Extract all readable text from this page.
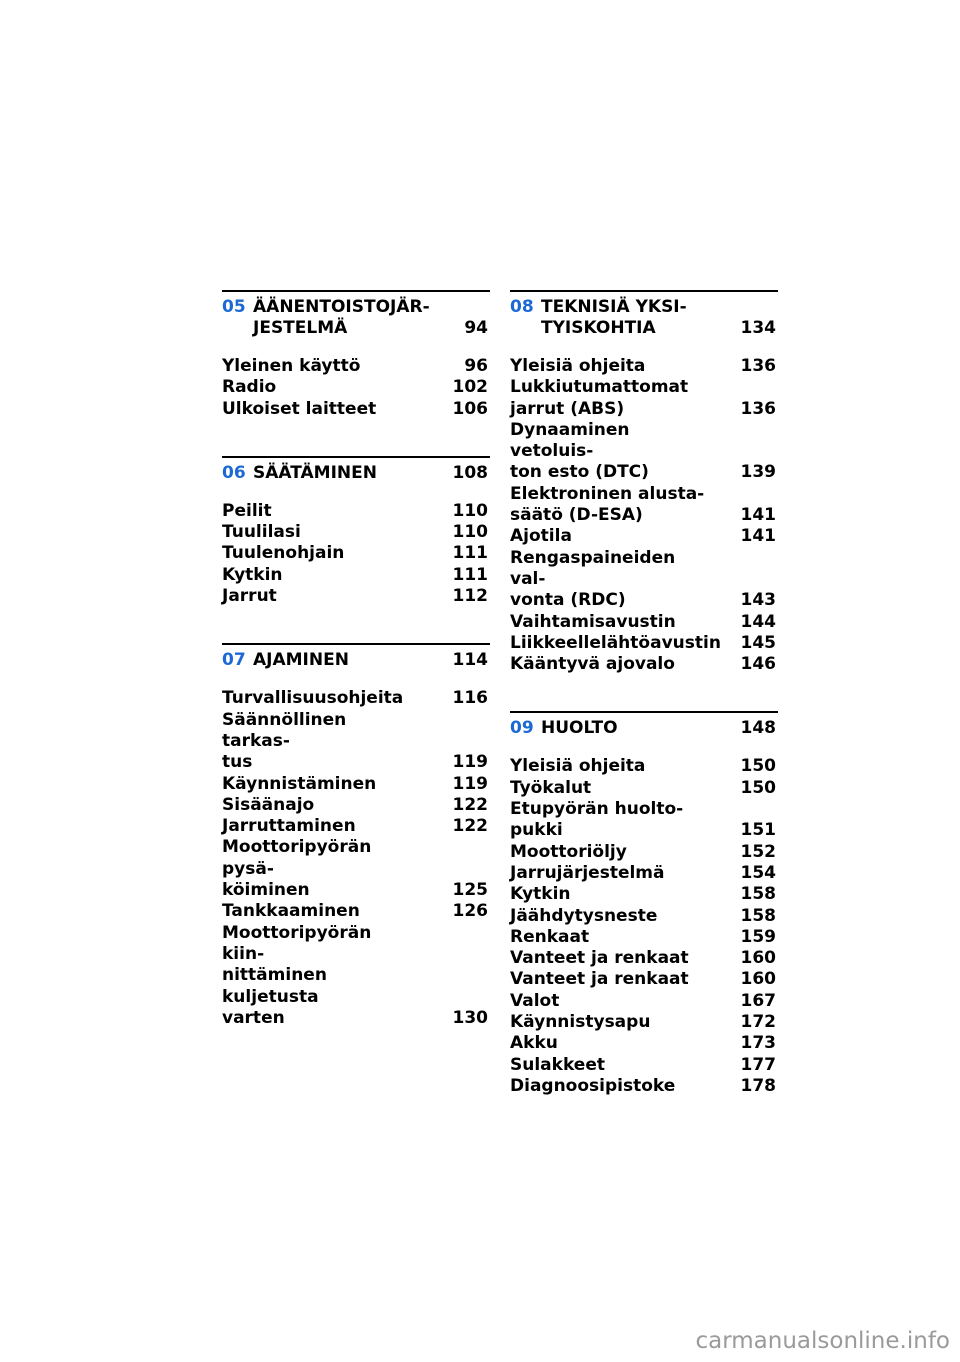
05 ÄÄNENTOISTOJÄR-
JESTELMÄ	94
Yleinen käyttö	96
Radio	102
Ulkoiset laitteet	106
06 SÄÄTÄMINEN	108
Peilit	110
Tuulilasi	110
Tuulenohjain	111
Kytkin	111
Jarrut	112
07 AJAMINEN	114
Turvallisuusohjeita	116
Säännöllinen tarkas-
tus	119
Käynnistäminen	119
Sisäänajo	122
Jarruttaminen	122
Moottoripyörän pysä-
köiminen	125
Tankkaaminen	126
Moottoripyörän kiin-
nittäminen kuljetusta
varten	130
08 TEKNISIÄ YKSI-
TYISKOHTIA	134
Yleisiä ohjeita	136
Lukkiutumattomat
jarrut (ABS)	136
Dynaaminen vetoluis-
ton esto (DTC)	139
Elektroninen alusta-
säätö (D-ESA)	141
Ajotila	141
Rengaspaineiden val-
vonta (RDC)	143
Vaihtamisavustin	144
Liikkeellelähtöavustin 145
Kääntyvä ajovalo	146
09 HUOLTO	148
Yleisiä ohjeita	150
Työkalut	150
Etupyörän huolto-
pukki	151
Moottoriöljy	152
Jarrujärjestelmä	154
Kytkin	158
Jäähdytysneste	158
Renkaat	159
Vanteet ja renkaat	160
Vanteet ja renkaat	160
Valot	167
Käynnistysapu	172
Akku	173
Sulakkeet	177
Diagnoosipistoke	178
carmanualsonline.info
